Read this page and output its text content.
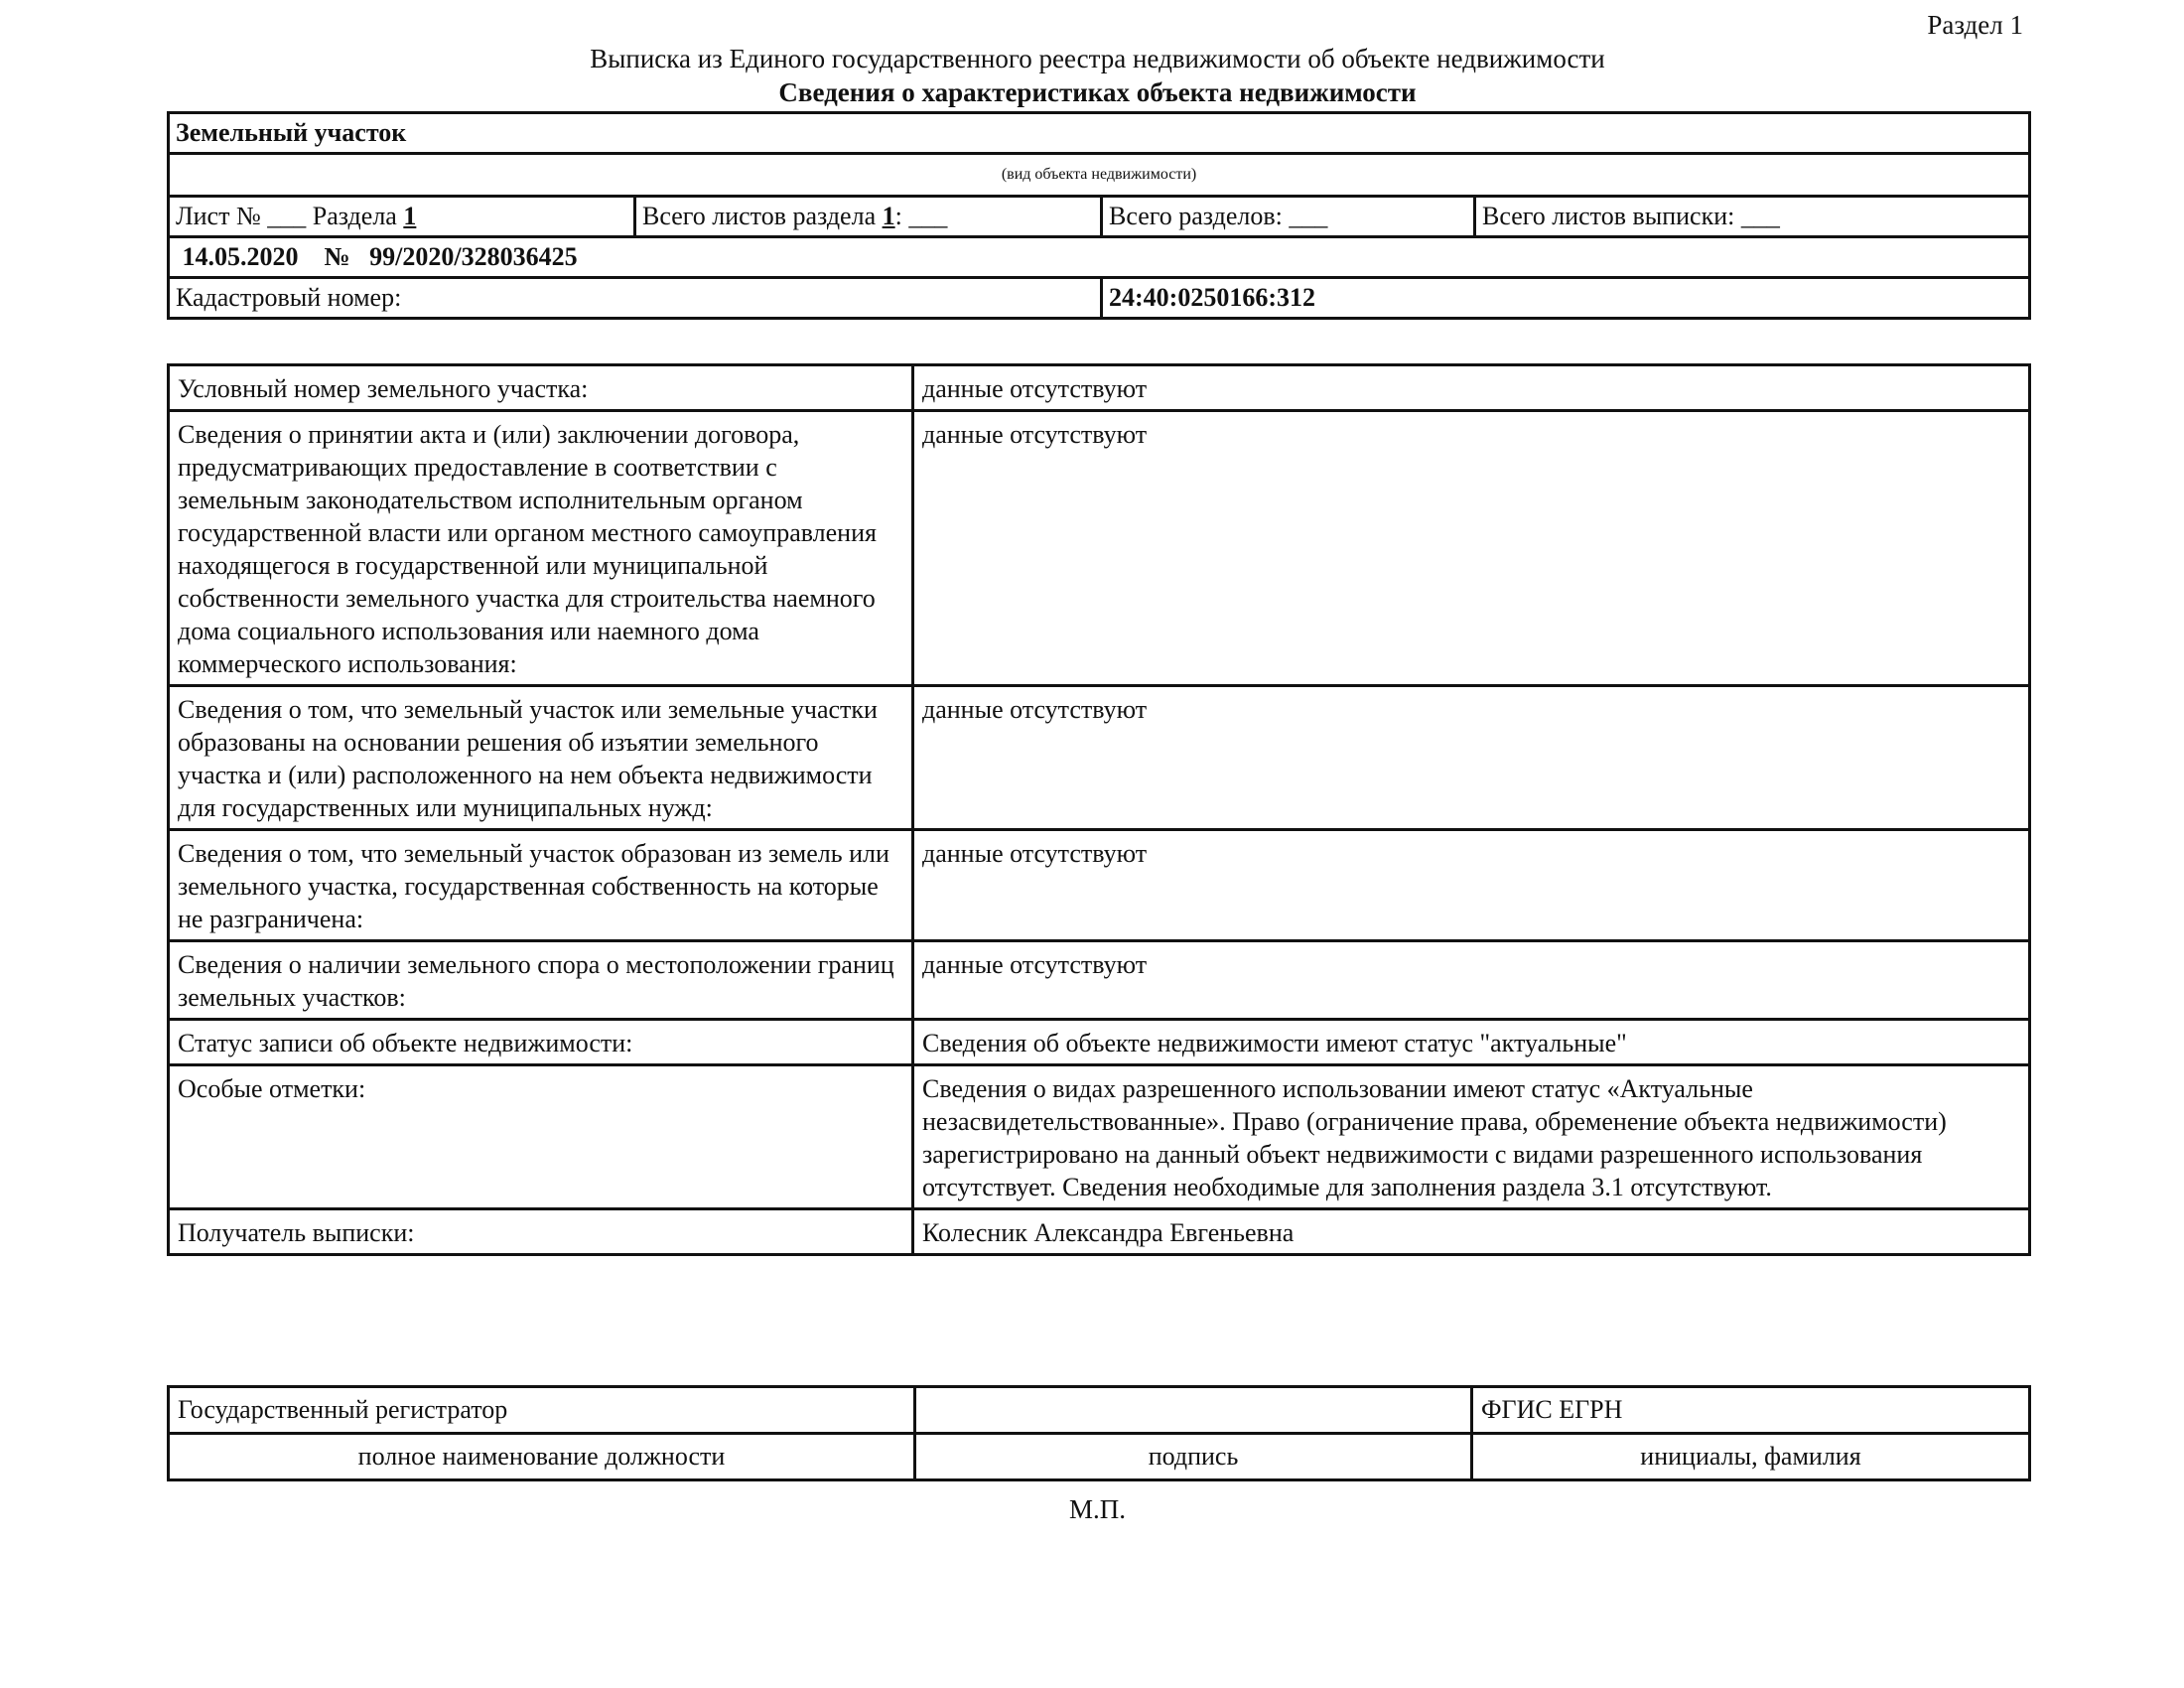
Раздел 1
Выписка из Единого государственного реестра недвижимости об объекте недвижимости
Сведения о характеристиках объекта недвижимости
Земельный участок			
(вид объекта недвижимости)			
Лист № ___ Раздела 1	Всего листов раздела 1: ___	Всего разделов: ___	Всего листов выписки: ___
14.05.2020 № 99/2020/328036425			
Кадастровый номер:		24:40:0250166:312	
Условный номер земельного участка:	данные отсутствуют
Сведения о принятии акта и (или) заключении договора, предусматривающих предоставление в соответствии с земельным законодательством исполнительным органом государственной власти или органом местного самоуправления находящегося в государственной или муниципальной собственности земельного участка для строительства наемного дома социального использования или наемного дома коммерческого использования:	данные отсутствуют
Сведения о том, что земельный участок или земельные участки образованы на основании решения об изъятии земельного участка и (или) расположенного на нем объекта недвижимости для государственных или муниципальных нужд:	данные отсутствуют
Сведения о том, что земельный участок образован из земель или земельного участка, государственная собственность на которые не разграничена:	данные отсутствуют
Сведения о наличии земельного спора о местоположении границ земельных участков:	данные отсутствуют
Статус записи об объекте недвижимости:	Сведения об объекте недвижимости имеют статус "актуальные"
Особые отметки:	Сведения о видах разрешенного использовании имеют статус «Актуальные незасвидетельствованные». Право (ограничение права, обременение объекта недвижимости) зарегистрировано на данный объект недвижимости с видами разрешенного использования отсутствует. Сведения необходимые для заполнения раздела 3.1 отсутствуют.
Получатель выписки:	Колесник Александра Евгеньевна
Государственный регистратор		ФГИС ЕГРН
полное наименование должности	подпись	инициалы, фамилия
М.П.
